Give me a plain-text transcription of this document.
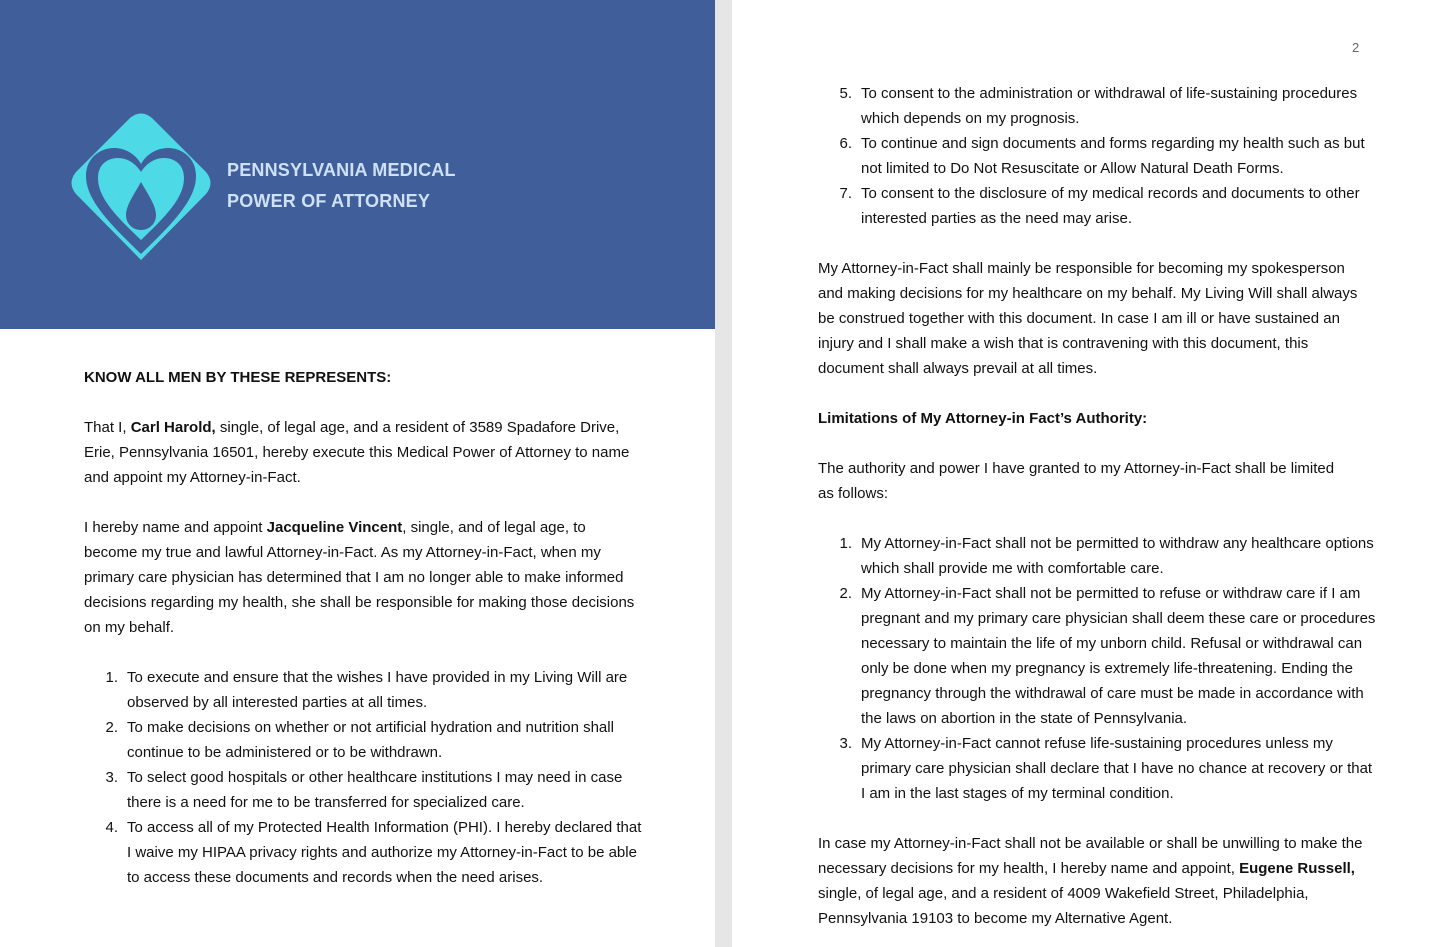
PENNSYLVANIA MEDICAL
POWER OF ATTORNEY
KNOW ALL MEN BY THESE REPRESENTS:
That I, Carl Harold, single, of legal age, and a resident of 3589 Spadafore Drive, Erie, Pennsylvania 16501, hereby execute this Medical Power of Attorney to name and appoint my Attorney-in-Fact.
I hereby name and appoint Jacqueline Vincent, single, and of legal age, to become my true and lawful Attorney-in-Fact. As my Attorney-in-Fact, when my primary care physician has determined that I am no longer able to make informed decisions regarding my health, she shall be responsible for making those decisions on my behalf.
1. To execute and ensure that the wishes I have provided in my Living Will are observed by all interested parties at all times.
2. To make decisions on whether or not artificial hydration and nutrition shall continue to be administered or to be withdrawn.
3. To select good hospitals or other healthcare institutions I may need in case there is a need for me to be transferred for specialized care.
4. To access all of my Protected Health Information (PHI). I hereby declared that I waive my HIPAA privacy rights and authorize my Attorney-in-Fact to be able to access these documents and records when the need arises.
2
5. To consent to the administration or withdrawal of life-sustaining procedures which depends on my prognosis.
6. To continue and sign documents and forms regarding my health such as but not limited to Do Not Resuscitate or Allow Natural Death Forms.
7. To consent to the disclosure of my medical records and documents to other interested parties as the need may arise.
My Attorney-in-Fact shall mainly be responsible for becoming my spokesperson and making decisions for my healthcare on my behalf. My Living Will shall always be construed together with this document. In case I am ill or have sustained an injury and I shall make a wish that is contravening with this document, this document shall always prevail at all times.
Limitations of My Attorney-in Fact’s Authority:
The authority and power I have granted to my Attorney-in-Fact shall be limited as follows:
1. My Attorney-in-Fact shall not be permitted to withdraw any healthcare options which shall provide me with comfortable care.
2. My Attorney-in-Fact shall not be permitted to refuse or withdraw care if I am pregnant and my primary care physician shall deem these care or procedures necessary to maintain the life of my unborn child. Refusal or withdrawal can only be done when my pregnancy is extremely life-threatening. Ending the pregnancy through the withdrawal of care must be made in accordance with the laws on abortion in the state of Pennsylvania.
3. My Attorney-in-Fact cannot refuse life-sustaining procedures unless my primary care physician shall declare that I have no chance at recovery or that I am in the last stages of my terminal condition.
In case my Attorney-in-Fact shall not be available or shall be unwilling to make the necessary decisions for my health, I hereby name and appoint, Eugene Russell, single, of legal age, and a resident of 4009 Wakefield Street, Philadelphia, Pennsylvania 19103 to become my Alternative Agent.
